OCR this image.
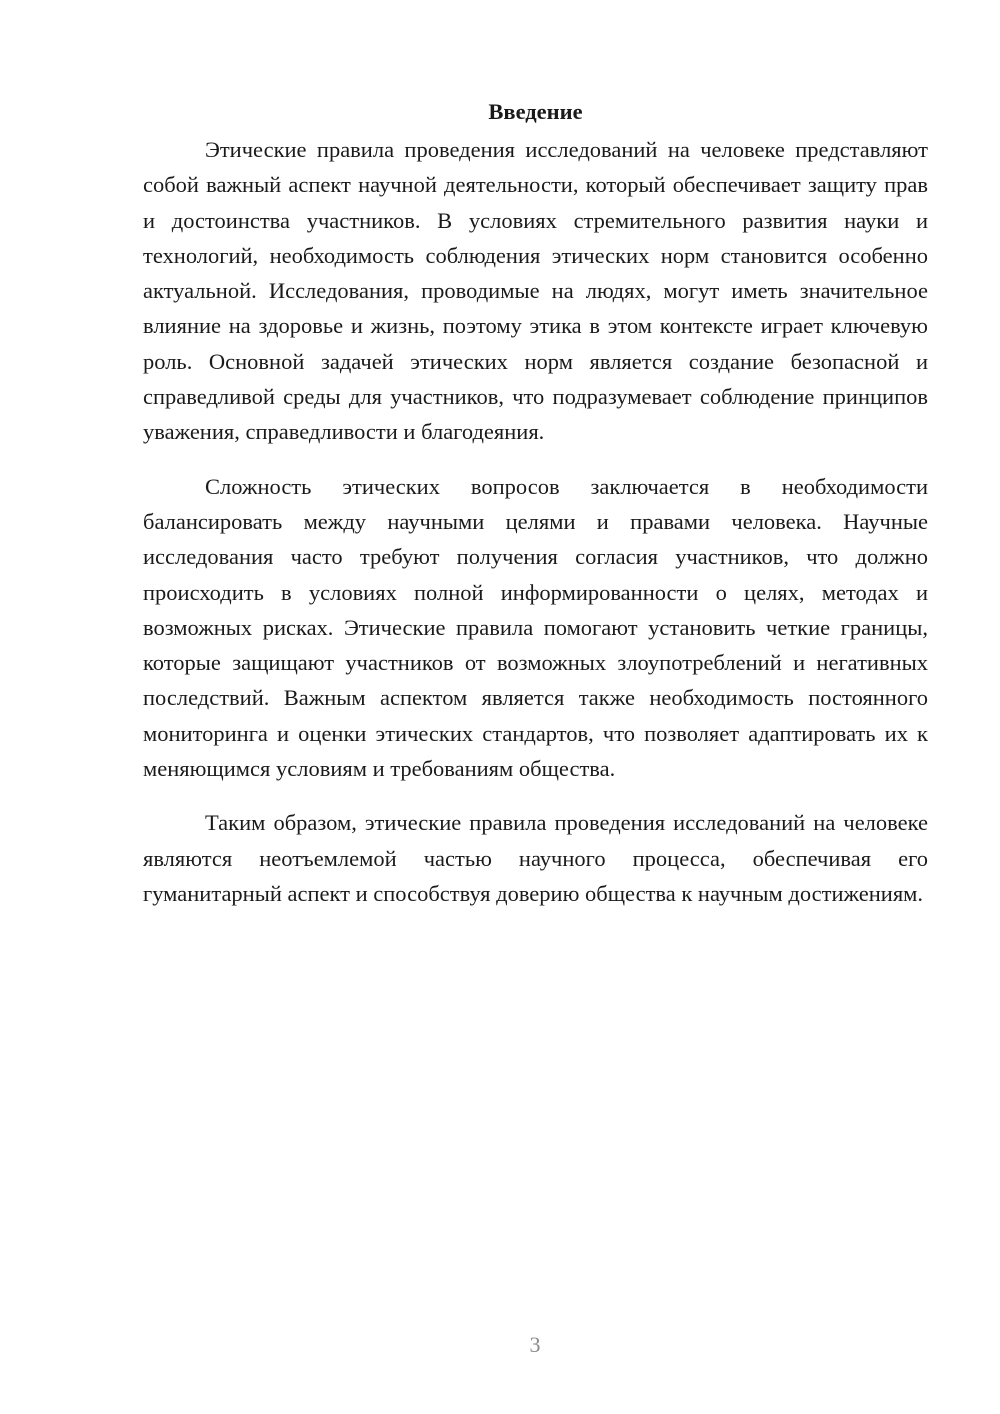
Введение

Этические правила проведения исследований на человеке представляют собой важный аспект научной деятельности, который обеспечивает защиту прав и достоинства участников. В условиях стремительного развития науки и технологий, необходимость соблюдения этических норм становится особенно актуальной. Исследования, проводимые на людях, могут иметь значительное влияние на здоровье и жизнь, поэтому этика в этом контексте играет ключевую роль. Основной задачей этических норм является создание безопасной и справедливой среды для участников, что подразумевает соблюдение принципов уважения, справедливости и благодеяния.

Сложность этических вопросов заключается в необходимости балансировать между научными целями и правами человека. Научные исследования часто требуют получения согласия участников, что должно происходить в условиях полной информированности о целях, методах и возможных рисках. Этические правила помогают установить четкие границы, которые защищают участников от возможных злоупотреблений и негативных последствий. Важным аспектом является также необходимость постоянного мониторинга и оценки этических стандартов, что позволяет адаптировать их к меняющимся условиям и требованиям общества.

Таким образом, этические правила проведения исследований на человеке являются неотъемлемой частью научного процесса, обеспечивая его гуманитарный аспект и способствуя доверию общества к научным достижениям.

3
